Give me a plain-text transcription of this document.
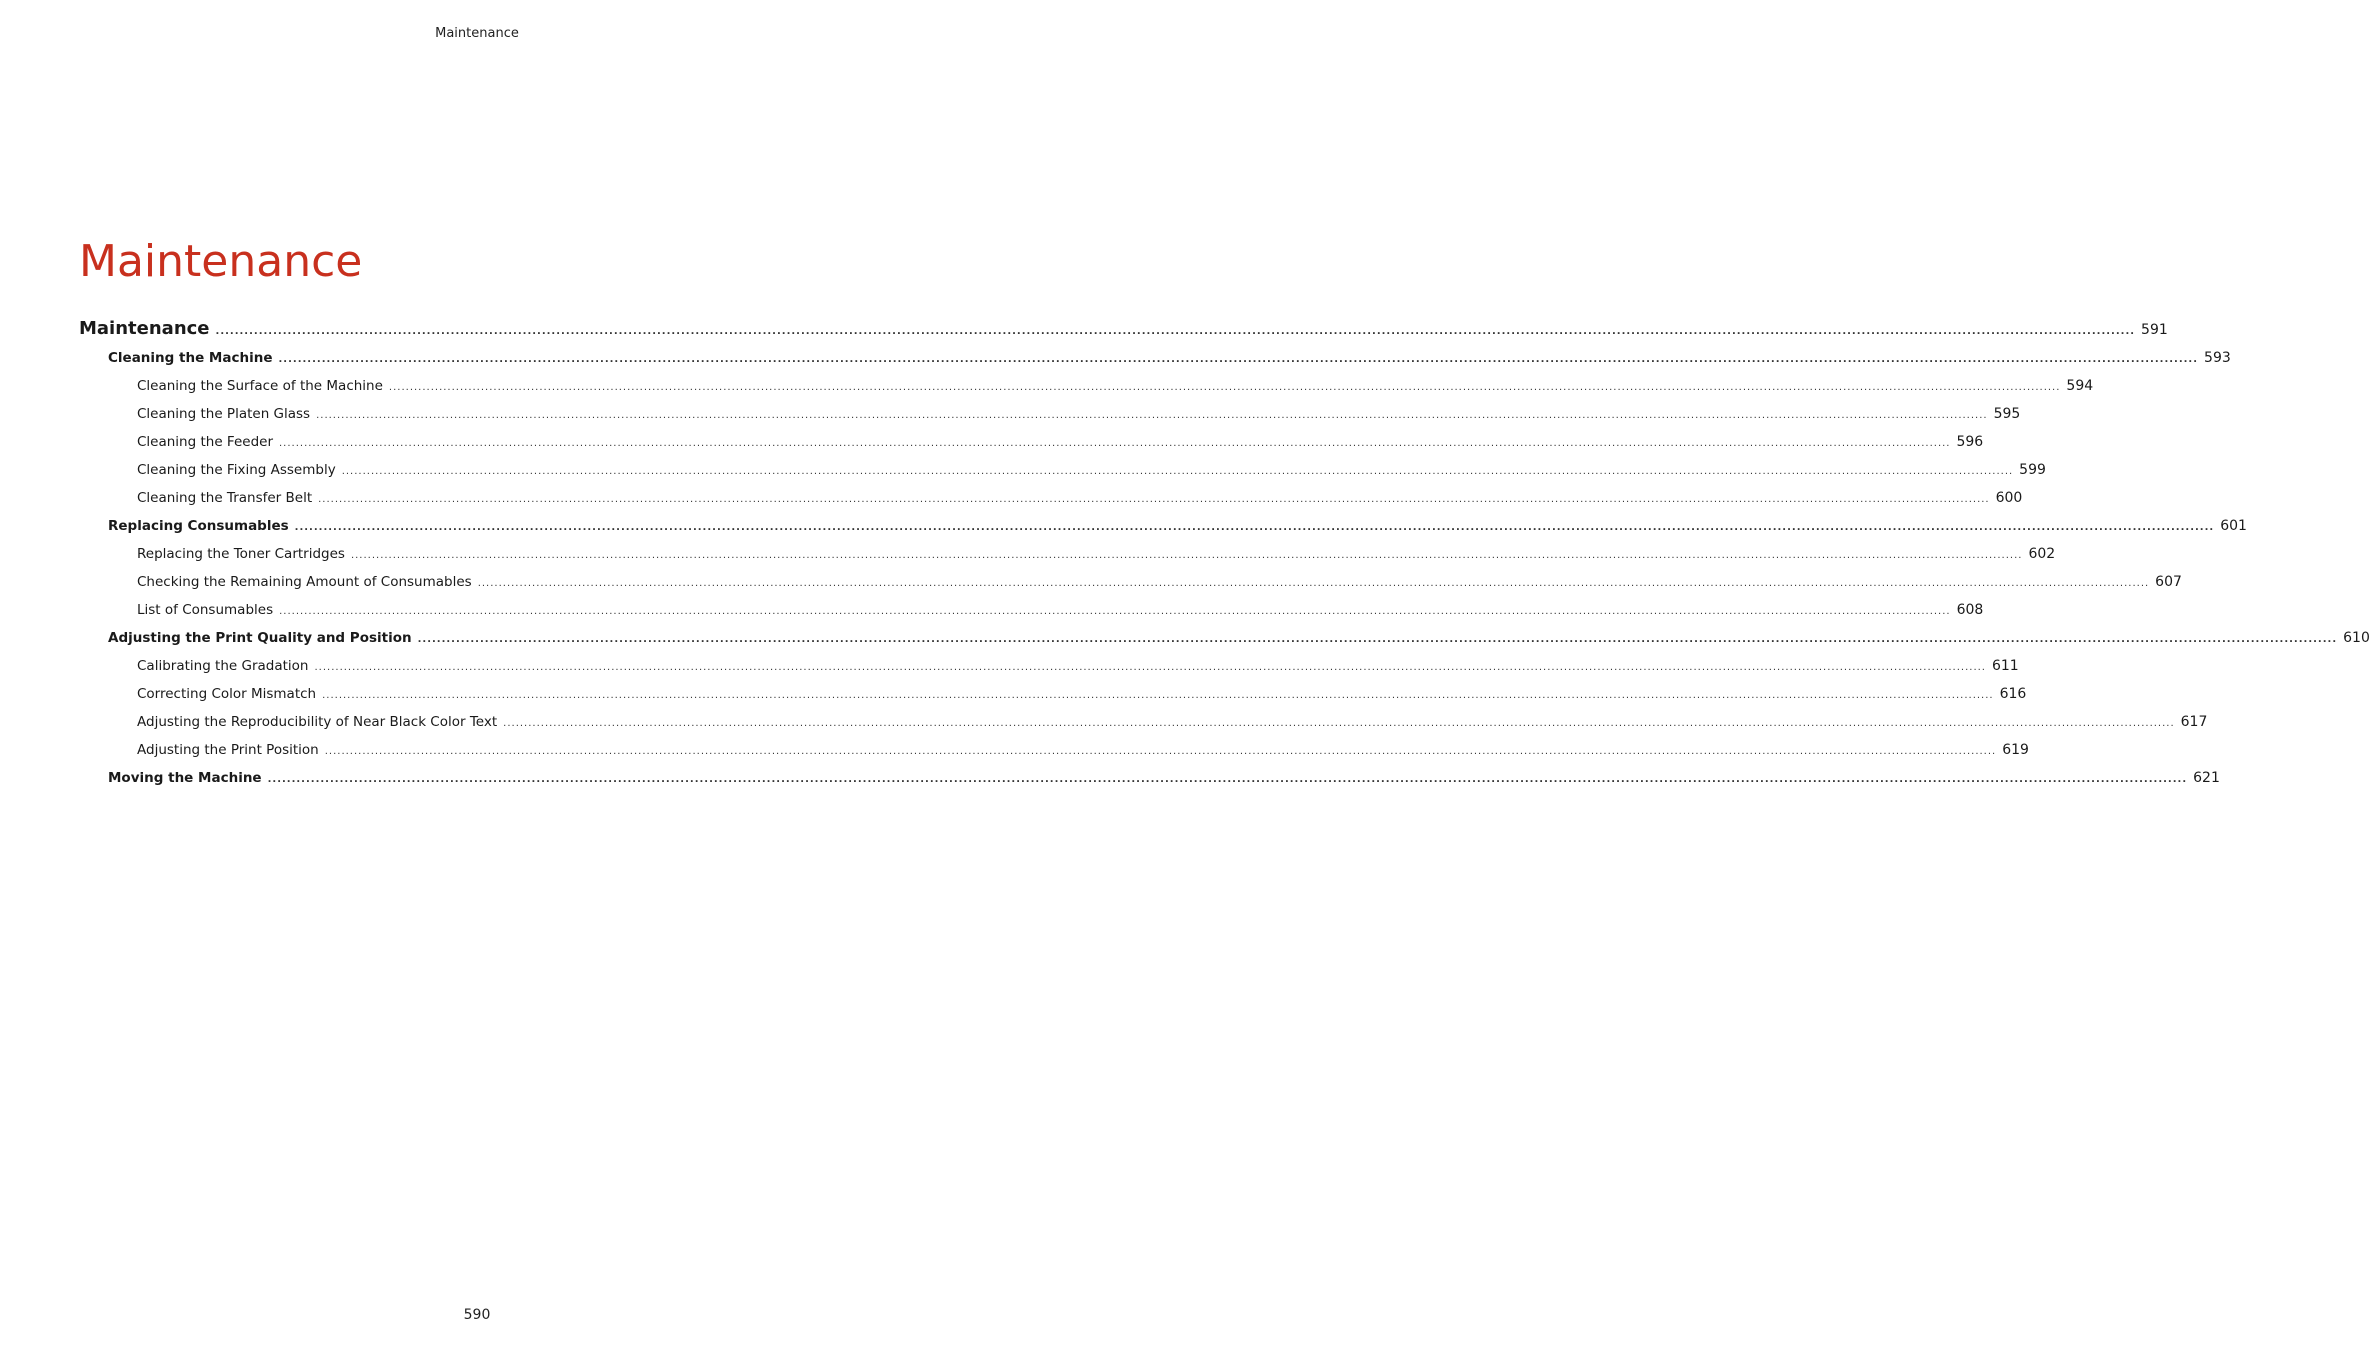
Maintenance
Maintenance
Maintenance ................................................................................................................................................................................................................................................................................................................................................................................................................ 591
Cleaning the Machine ................................................................................................................................................................................................................................................................................................................................................................................................................ 593
Cleaning the Surface of the Machine ................................................................................................................................................................................................................................................................................................................................................................................................................ 594
Cleaning the Platen Glass ................................................................................................................................................................................................................................................................................................................................................................................................................ 595
Cleaning the Feeder ................................................................................................................................................................................................................................................................................................................................................................................................................ 596
Cleaning the Fixing Assembly ................................................................................................................................................................................................................................................................................................................................................................................................................ 599
Cleaning the Transfer Belt ................................................................................................................................................................................................................................................................................................................................................................................................................ 600
Replacing Consumables ................................................................................................................................................................................................................................................................................................................................................................................................................ 601
Replacing the Toner Cartridges ................................................................................................................................................................................................................................................................................................................................................................................................................ 602
Checking the Remaining Amount of Consumables ................................................................................................................................................................................................................................................................................................................................................................................................................ 607
List of Consumables ................................................................................................................................................................................................................................................................................................................................................................................................................ 608
Adjusting the Print Quality and Position ................................................................................................................................................................................................................................................................................................................................................................................................................ 610
Calibrating the Gradation ................................................................................................................................................................................................................................................................................................................................................................................................................ 611
Correcting Color Mismatch ................................................................................................................................................................................................................................................................................................................................................................................................................ 616
Adjusting the Reproducibility of Near Black Color Text ................................................................................................................................................................................................................................................................................................................................................................................................................ 617
Adjusting the Print Position ................................................................................................................................................................................................................................................................................................................................................................................................................ 619
Moving the Machine ................................................................................................................................................................................................................................................................................................................................................................................................................ 621
590
